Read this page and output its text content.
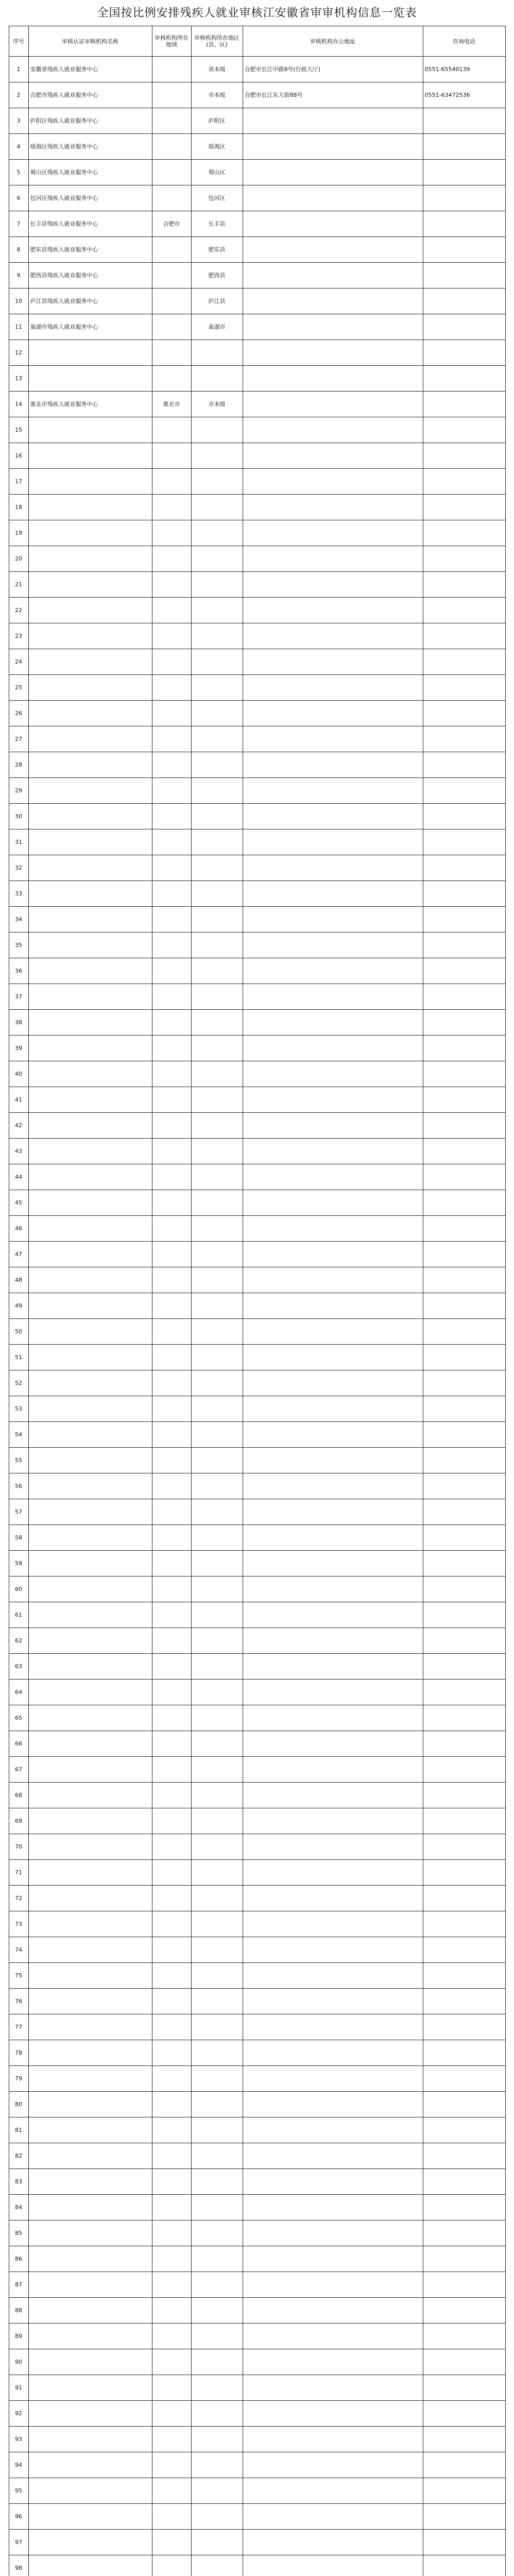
全国按比例安排残疾人就业审核江安徽省审审机构信息一览表
序号	审核认证审核机构名称	审核机构所在地域	审核机构所在地区(县、区)	审核机构办公地址	咨询电话
1	安徽省残疾人就业服务中心		省本级	合肥市长江中路8号(行政大厅)	0551-65540139
2	合肥市残疾人就业服务中心		市本级	合肥市长江东大街88号	0551-63472536
3	庐阳区残疾人就业服务中心		庐阳区		
4	瑶海区残疾人就业服务中心		瑶海区		
5	蜀山区残疾人就业服务中心		蜀山区		
6	包河区残疾人就业服务中心		包河区		
7	长丰县残疾人就业服务中心	合肥市	长丰县		
8	肥东县残疾人就业服务中心		肥东县		
9	肥西县残疾人就业服务中心		肥西县		
10	庐江县残疾人就业服务中心		庐江县		
11	巢湖市残疾人就业服务中心		巢湖市		
12					
13					
14	淮北市残疾人就业服务中心	淮北市	市本级		
15					
16					
17					
18					
19					
20					
21					
22					
23					
24					
25					
26					
27					
28					
29					
30					
31					
32					
33					
34					
35					
36					
37					
38					
39					
40					
41					
42					
43					
44					
45					
46					
47					
48					
49					
50					
51					
52					
53					
54					
55					
56					
57					
58					
59					
60					
61					
62					
63					
64					
65					
66					
67					
68					
69					
70					
71					
72					
73					
74					
75					
76					
77					
78					
79					
80					
81					
82					
83					
84					
85					
86					
87					
88					
89					
90					
91					
92					
93					
94					
95					
96					
97					
98					
